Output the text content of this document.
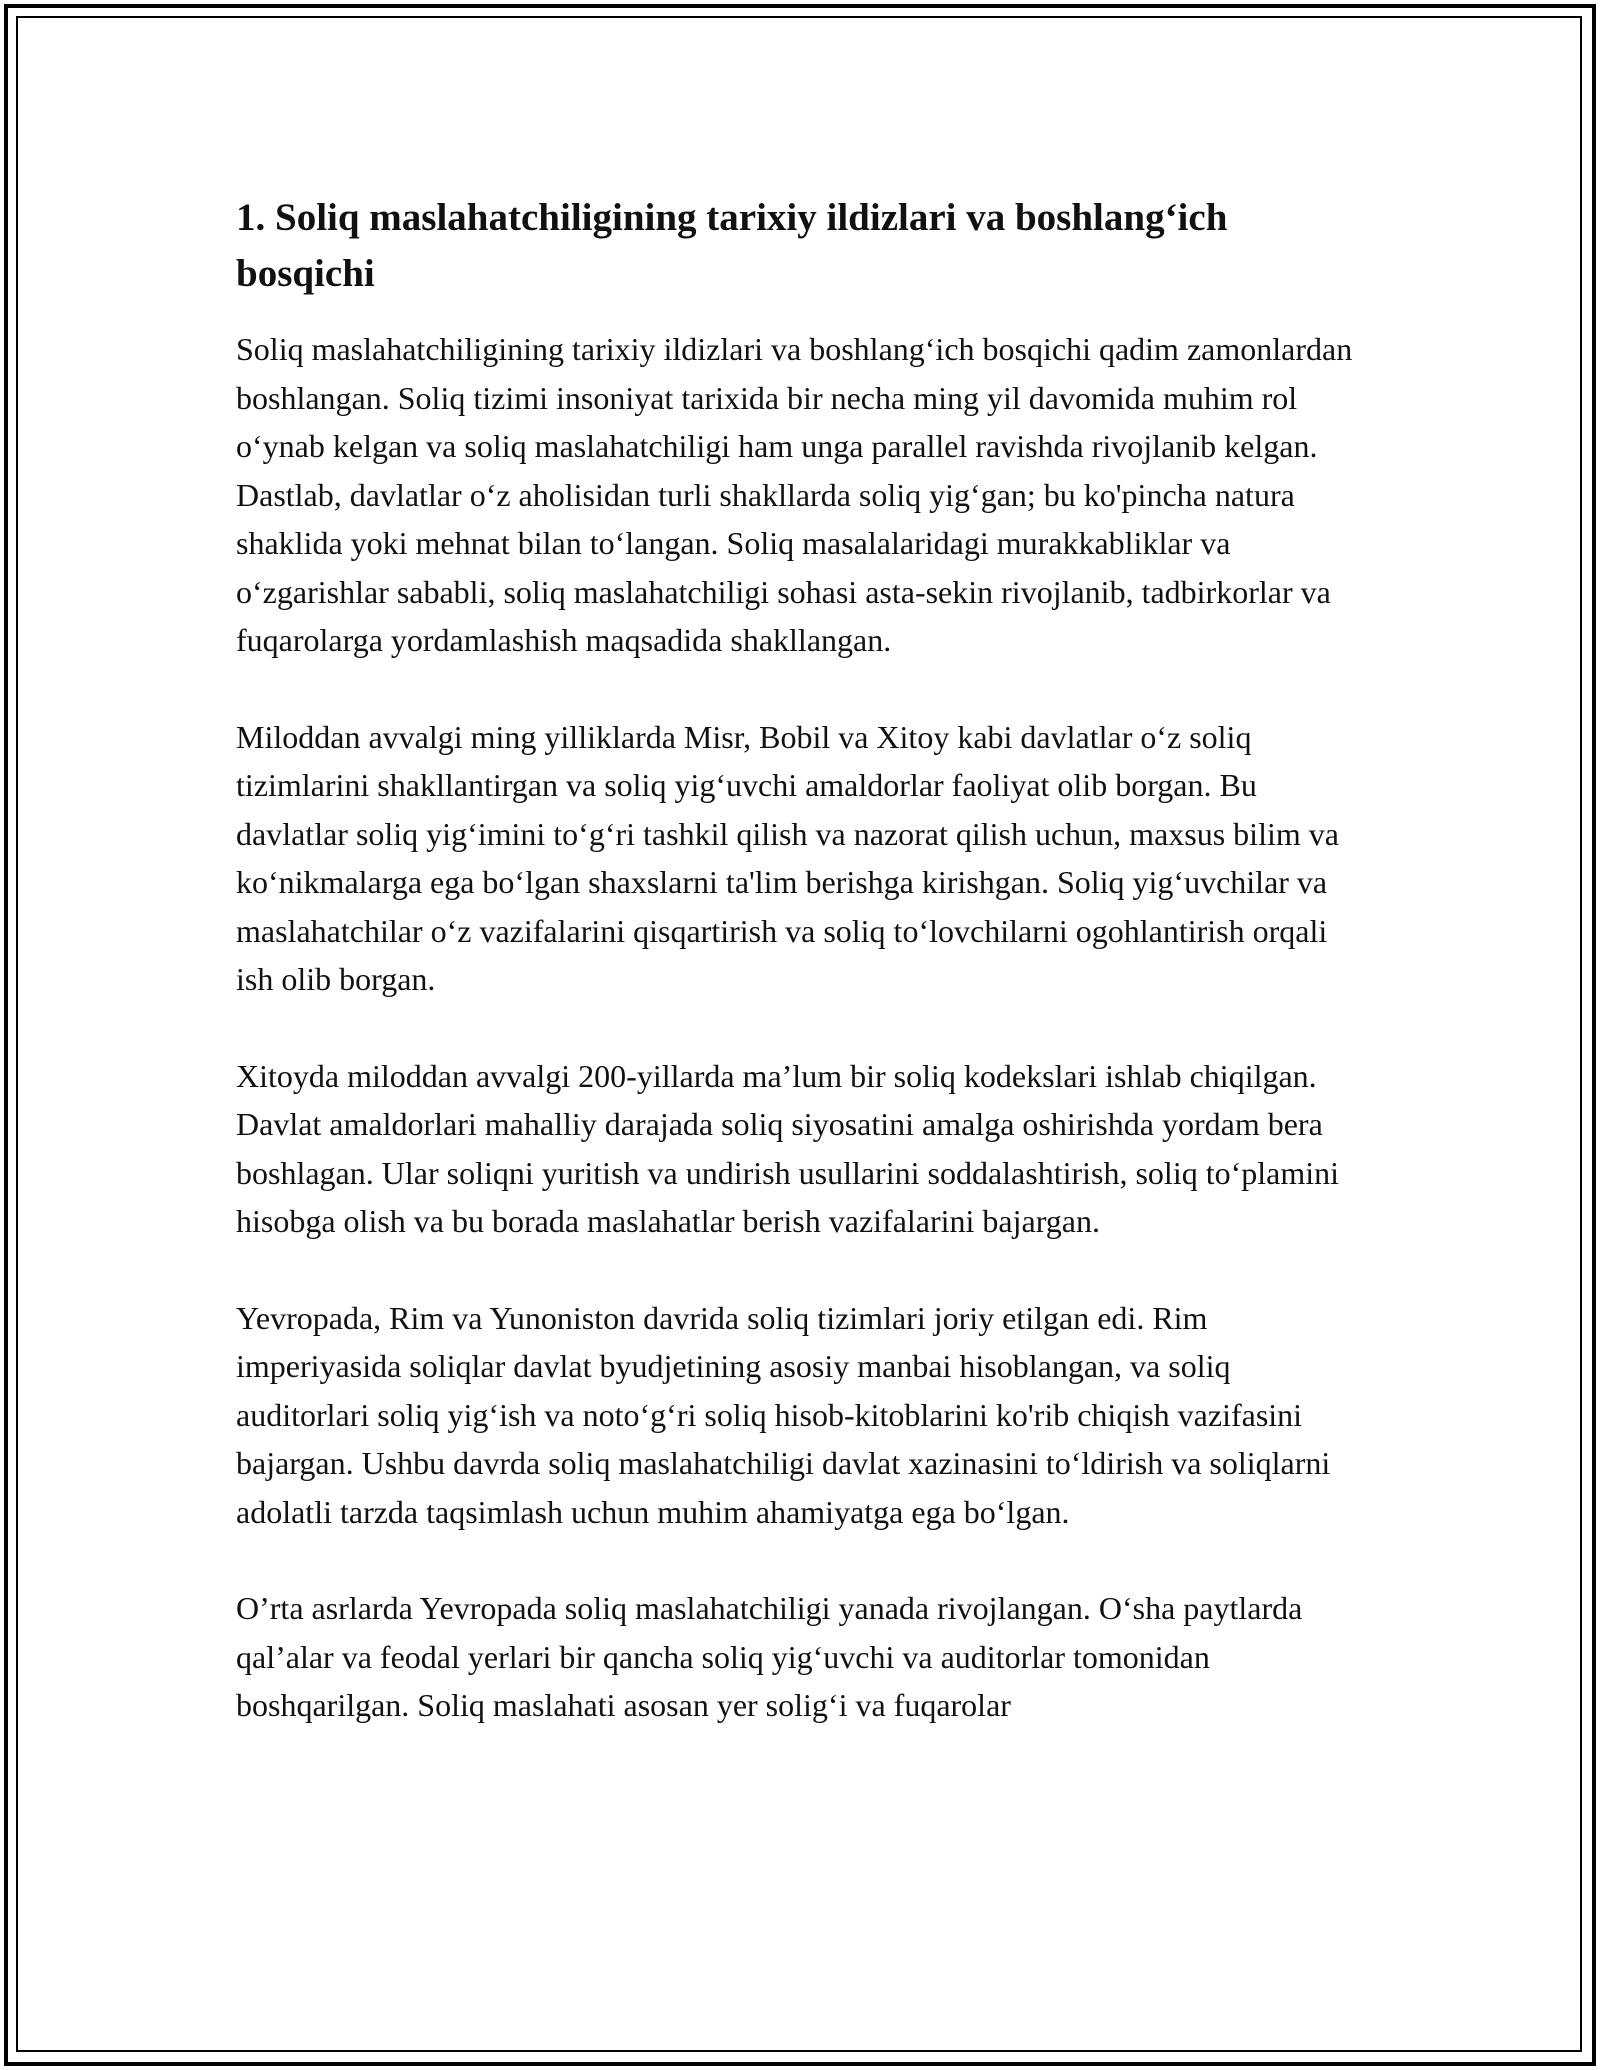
1. Soliq maslahatchiligining tarixiy ildizlari va boshlang‘ich bosqichi

Soliq maslahatchiligining tarixiy ildizlari va boshlang‘ich bosqichi qadim zamonlardan boshlangan. Soliq tizimi insoniyat tarixida bir necha ming yil davomida muhim rol o‘ynab kelgan va soliq maslahatchiligi ham unga parallel ravishda rivojlanib kelgan. Dastlab, davlatlar o‘z aholisidan turli shakllarda soliq yig‘gan; bu ko'pincha natura shaklida yoki mehnat bilan to‘langan. Soliq masalalaridagi murakkabliklar va o‘zgarishlar sababli, soliq maslahatchiligi sohasi asta-sekin rivojlanib, tadbirkorlar va fuqarolarga yordamlashish maqsadida shakllangan.

Miloddan avvalgi ming yilliklarda Misr, Bobil va Xitoy kabi davlatlar o‘z soliq tizimlarini shakllantirgan va soliq yig‘uvchi amaldorlar faoliyat olib borgan. Bu davlatlar soliq yig‘imini to‘g‘ri tashkil qilish va nazorat qilish uchun, maxsus bilim va ko‘nikmalarga ega bo‘lgan shaxslarni ta'lim berishga kirishgan. Soliq yig‘uvchilar va maslahatchilar o‘z vazifalarini qisqartirish va soliq to‘lovchilarni ogohlantirish orqali ish olib borgan.

Xitoyda miloddan avvalgi 200-yillarda ma’lum bir soliq kodekslari ishlab chiqilgan. Davlat amaldorlari mahalliy darajada soliq siyosatini amalga oshirishda yordam bera boshlagan. Ular soliqni yuritish va undirish usullarini soddalashtirish, soliq to‘plamini hisobga olish va bu borada maslahatlar berish vazifalarini bajargan.

Yevropada, Rim va Yunoniston davrida soliq tizimlari joriy etilgan edi. Rim imperiyasida soliqlar davlat byudjetining asosiy manbai hisoblangan, va soliq auditorlari soliq yig‘ish va noto‘g‘ri soliq hisob-kitoblarini ko'rib chiqish vazifasini bajargan. Ushbu davrda soliq maslahatchiligi davlat xazinasini to‘ldirish va soliqlarni adolatli tarzda taqsimlash uchun muhim ahamiyatga ega bo‘lgan.

O’rta asrlarda Yevropada soliq maslahatchiligi yanada rivojlangan. O‘sha paytlarda qal’alar va feodal yerlari bir qancha soliq yig‘uvchi va auditorlar tomonidan boshqarilgan. Soliq maslahati asosan yer solig‘i va fuqarolar
